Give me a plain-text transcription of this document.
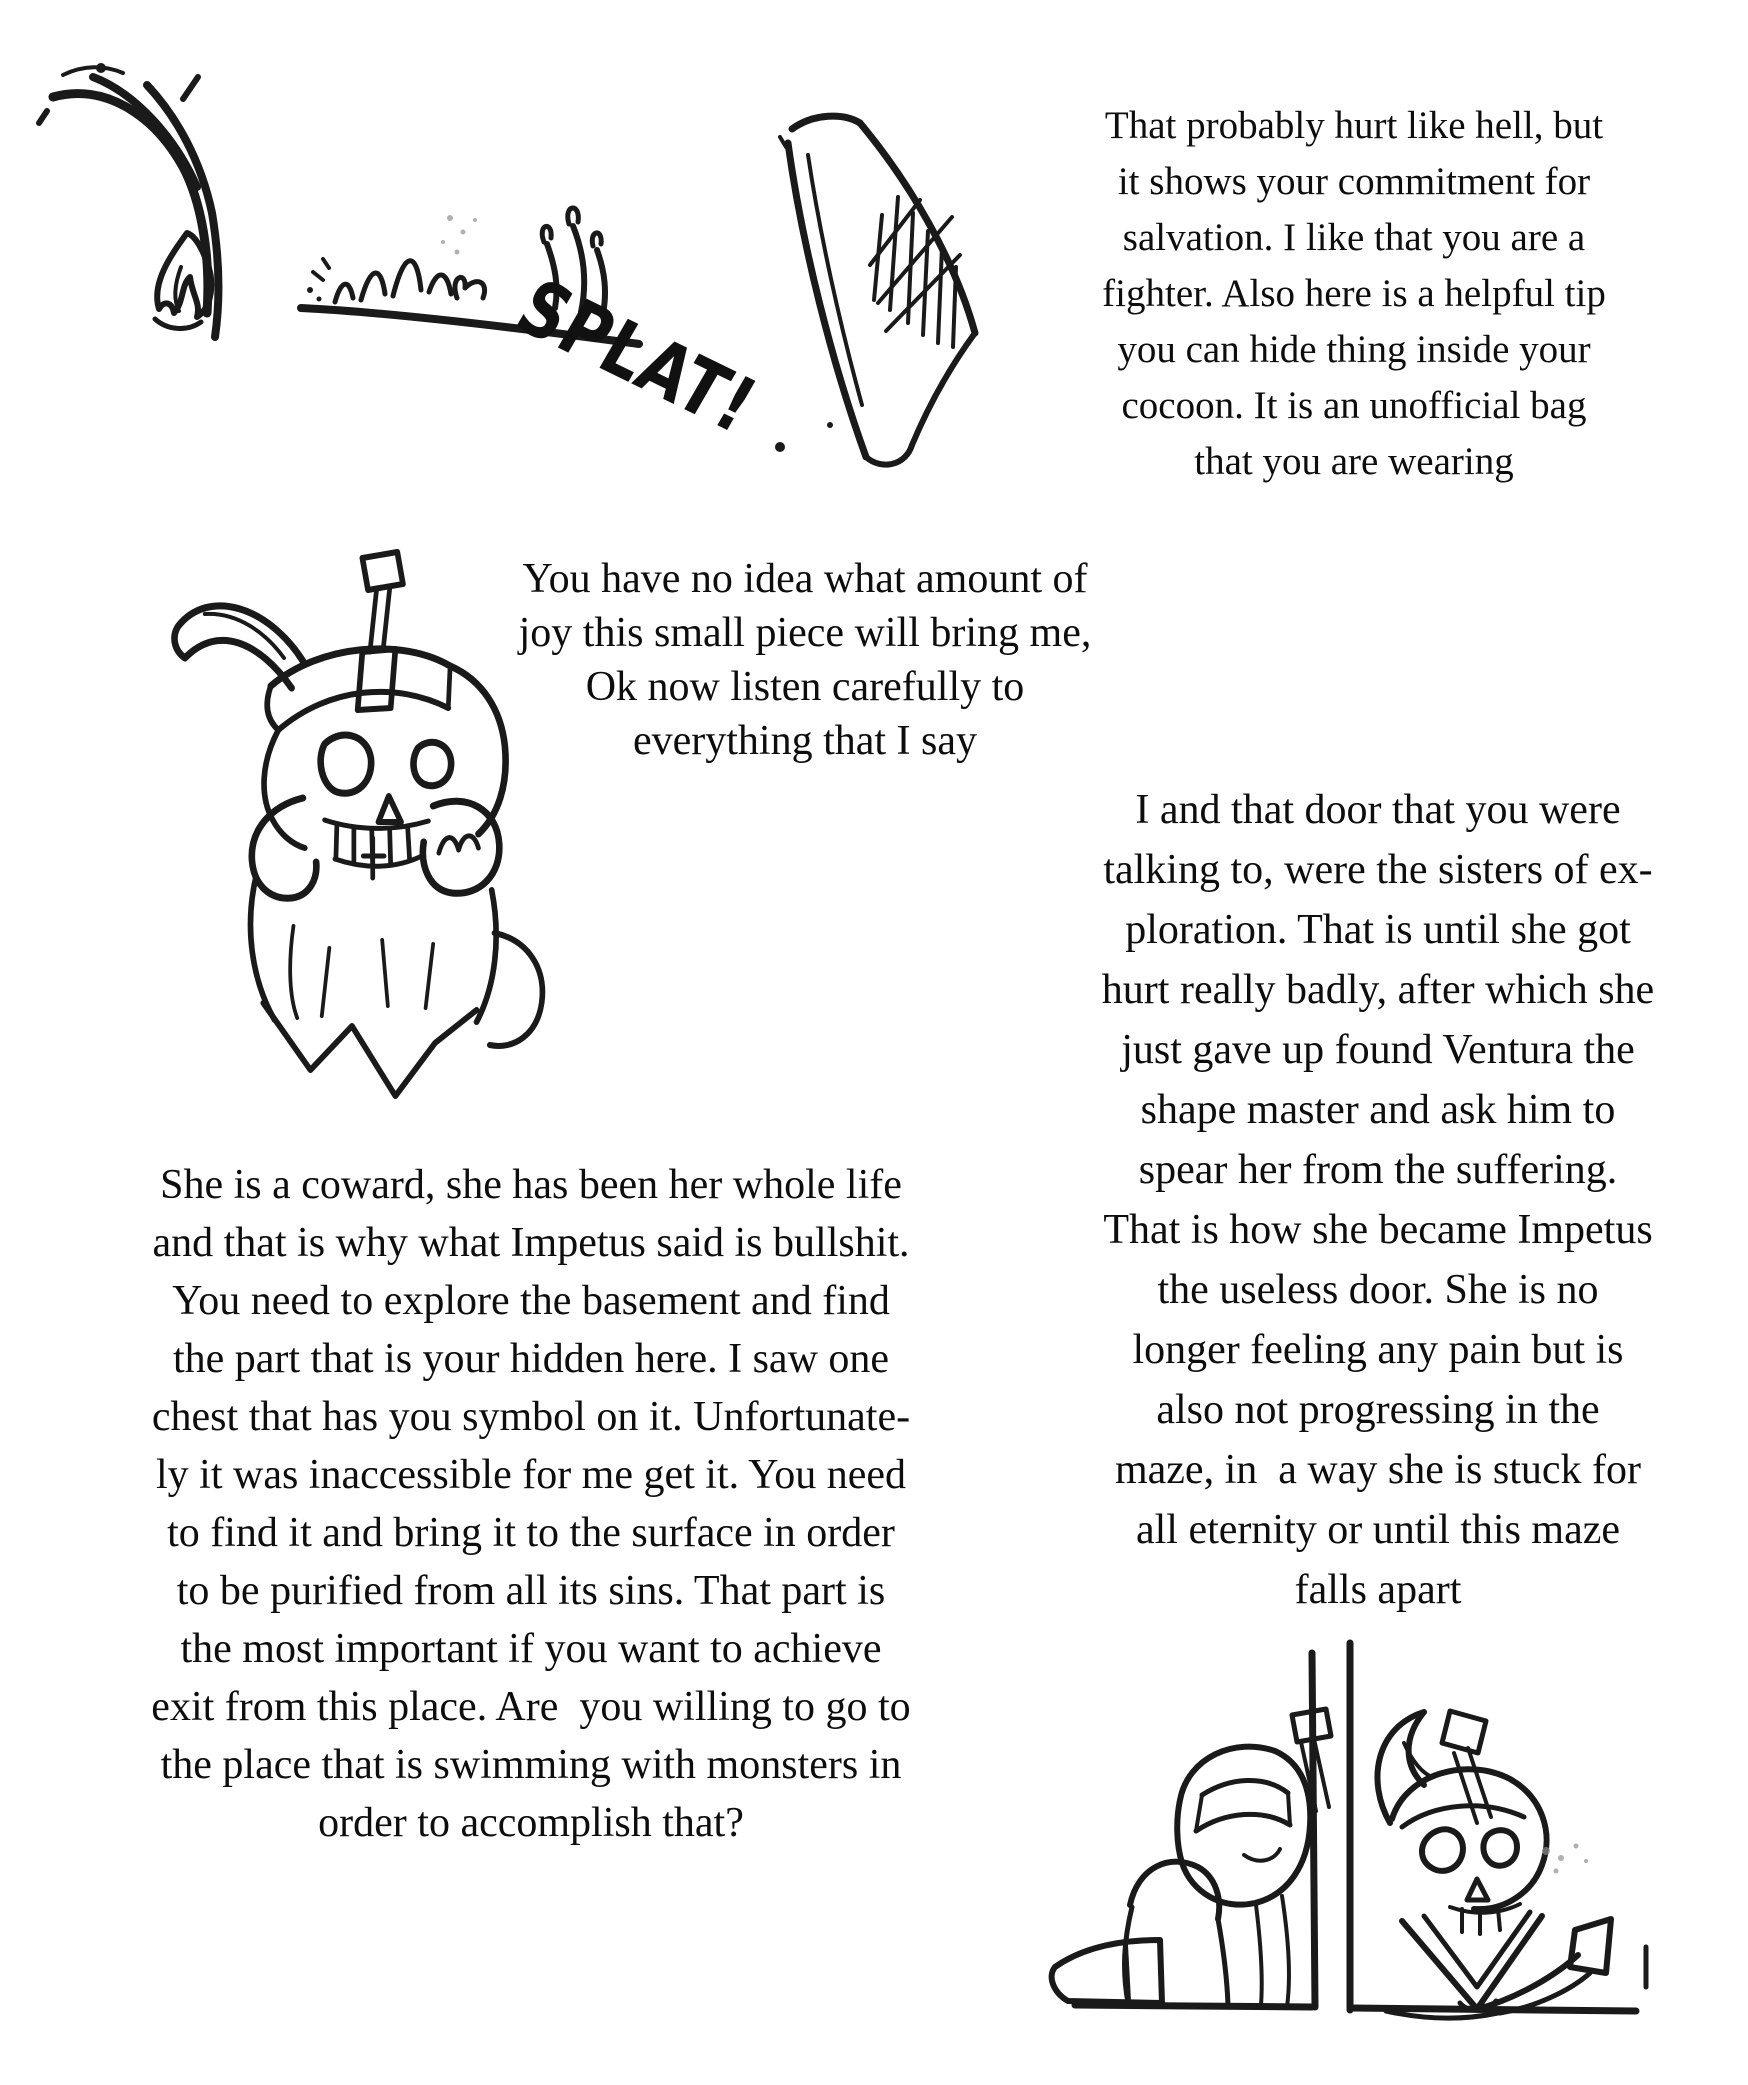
SPLAT!
That probably hurt like hell, but
it shows your commitment for
salvation. I like that you are a
fighter. Also here is a helpful tip
you can hide thing inside your
cocoon. It is an unofficial bag
that you are wearing
You have no idea what amount of
joy this small piece will bring me,
Ok now listen carefully to
everything that I say
I and that door that you were
talking to, were the sisters of ex-
ploration. That is until she got
hurt really badly, after which she
just gave up found Ventura the
shape master and ask him to
spear her from the suffering.
That is how she became Impetus
the useless door. She is no
longer feeling any pain but is
also not progressing in the
maze, in  a way she is stuck for
all eternity or until this maze
falls apart
She is a coward, she has been her whole life
and that is why what Impetus said is bullshit.
You need to explore the basement and find
the part that is your hidden here. I saw one
chest that has you symbol on it. Unfortunate-
ly it was inaccessible for me get it. You need
to find it and bring it to the surface in order
to be purified from all its sins. That part is
the most important if you want to achieve
exit from this place. Are  you willing to go to
the place that is swimming with monsters in
order to accomplish that?
